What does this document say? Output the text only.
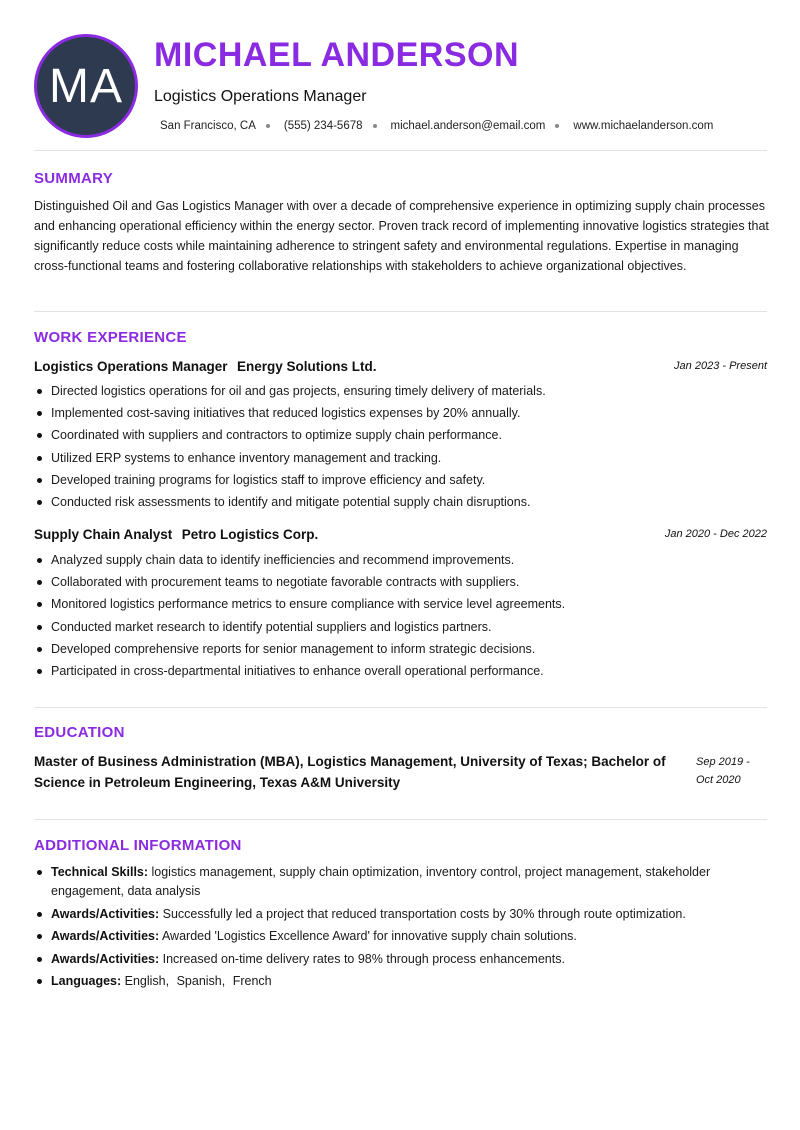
MA
MICHAEL ANDERSON
Logistics Operations Manager
San Francisco, CA (555) 234-5678 michael.anderson@email.com www.michaelanderson.com
SUMMARY
Distinguished Oil and Gas Logistics Manager with over a decade of comprehensive experience in optimizing supply chain processes and enhancing operational efficiency within the energy sector. Proven track record of implementing innovative logistics strategies that significantly reduce costs while maintaining adherence to stringent safety and environmental regulations. Expertise in managing cross-functional teams and fostering collaborative relationships with stakeholders to achieve organizational objectives.
WORK EXPERIENCE
Logistics Operations Manager Energy Solutions Ltd.	Jan 2023 - Present
Directed logistics operations for oil and gas projects, ensuring timely delivery of materials.
Implemented cost-saving initiatives that reduced logistics expenses by 20% annually.
Coordinated with suppliers and contractors to optimize supply chain performance.
Utilized ERP systems to enhance inventory management and tracking.
Developed training programs for logistics staff to improve efficiency and safety.
Conducted risk assessments to identify and mitigate potential supply chain disruptions.
Supply Chain Analyst Petro Logistics Corp.	Jan 2020 - Dec 2022
Analyzed supply chain data to identify inefficiencies and recommend improvements.
Collaborated with procurement teams to negotiate favorable contracts with suppliers.
Monitored logistics performance metrics to ensure compliance with service level agreements.
Conducted market research to identify potential suppliers and logistics partners.
Developed comprehensive reports for senior management to inform strategic decisions.
Participated in cross-departmental initiatives to enhance overall operational performance.
EDUCATION
Master of Business Administration (MBA), Logistics Management, University of Texas; Bachelor of Science in Petroleum Engineering, Texas A&M University
Sep 2019 -
Oct 2020
ADDITIONAL INFORMATION
Technical Skills: logistics management, supply chain optimization, inventory control, project management, stakeholder engagement, data analysis
Awards/Activities: Successfully led a project that reduced transportation costs by 30% through route optimization.
Awards/Activities: Awarded 'Logistics Excellence Award' for innovative supply chain solutions.
Awards/Activities: Increased on-time delivery rates to 98% through process enhancements.
Languages: English, Spanish, French
